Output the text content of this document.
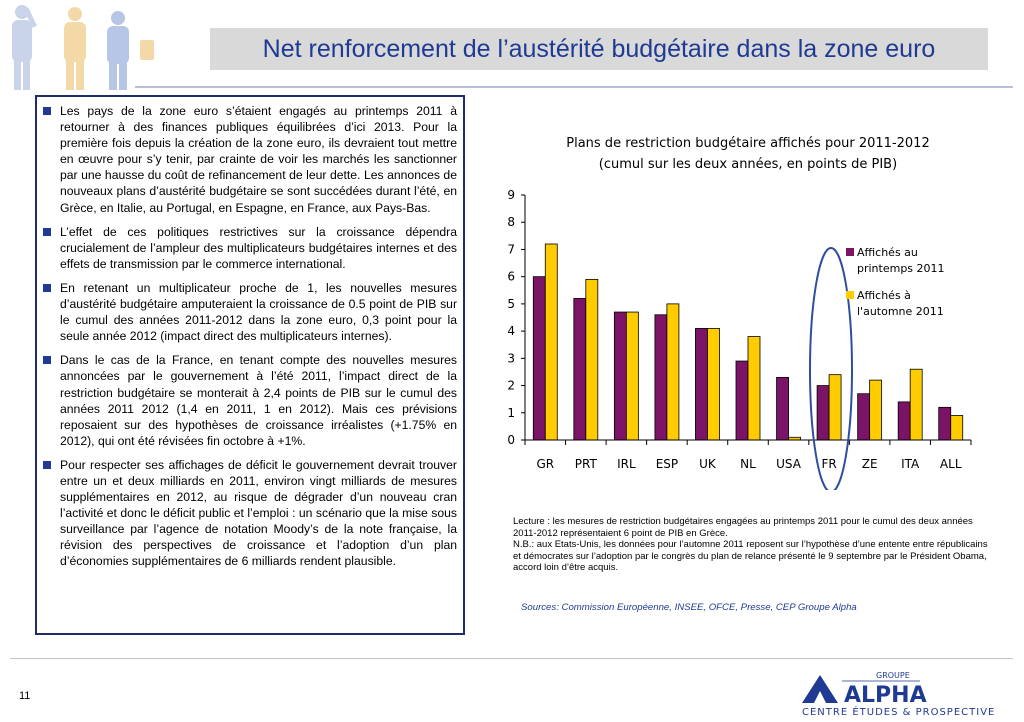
Net renforcement de l’austérité budgétaire dans la zone euro
Les pays de la zone euro s’étaient engagés au printemps 2011 à retourner à des finances publiques équilibrées d’ici 2013. Pour la première fois depuis la création de la zone euro, ils devraient tout mettre en œuvre pour s’y tenir, par crainte de voir les marchés les sanctionner par une hausse du coût de refinancement de leur dette. Les annonces de nouveaux plans d’austérité budgétaire se sont succédées durant l’été, en Grèce, en Italie, au Portugal, en Espagne, en France, aux Pays-Bas.
L’effet de ces politiques restrictives sur la croissance dépendra crucialement de l’ampleur des multiplicateurs budgétaires internes et des effets de transmission par le commerce international.
En retenant un multiplicateur proche de 1, les nouvelles mesures d’austérité budgétaire amputeraient la croissance de 0.5 point de PIB sur le cumul des années 2011-2012 dans la zone euro, 0,3 point pour la seule année 2012 (impact direct des multiplicateurs internes).
Dans le cas de la France, en tenant compte des nouvelles mesures annoncées par le gouvernement à l’été 2011, l’impact direct de la restriction budgétaire se monterait à 2,4 points de PIB sur le cumul des années 2011 2012 (1,4 en 2011, 1 en 2012). Mais ces prévisions reposaient sur des hypothèses de croissance irréalistes (+1.75% en 2012), qui ont été révisées fin octobre à +1%.
Pour respecter ses affichages de déficit le gouvernement devrait trouver entre un et deux milliards en 2011, environ vingt milliards de mesures supplémentaires en 2012, au risque de dégrader d’un nouveau cran l’activité et donc le déficit public et l’emploi : un scénario que la mise sous surveillance par l’agence de notation Moody’s de la note française, la révision des perspectives de croissance et l’adoption d’un plan d’économies supplémentaires de 6 milliards rendent plausible.
Plans de restriction budgétaire affichés pour 2011-2012
(cumul sur les deux années, en points de PIB)
0
1
2
3
4
5
6
7
8
9
GR PRT IRL ESP UK NL USA FR ZE ITA ALL
Affichés au printemps 2011
Affichés à l'automne 2011
Lecture : les mesures de restriction budgétaires engagées au printemps 2011 pour le cumul des deux années 2011-2012 représentaient 6 point de PIB en Grèce.
N.B.: aux Etats-Unis, les données pour l’automne 2011 reposent sur l’hypothèse d’une entente entre républicains et démocrates sur l’adoption par le congrès du plan de relance présenté le 9 septembre par le Président Obama, accord loin d’être acquis.
Sources: Commission Européenne, INSEE, OFCE, Presse, CEP Groupe Alpha
11
GROUPE
ALPHA
CENTRE ÉTUDES & PROSPECTIVE
